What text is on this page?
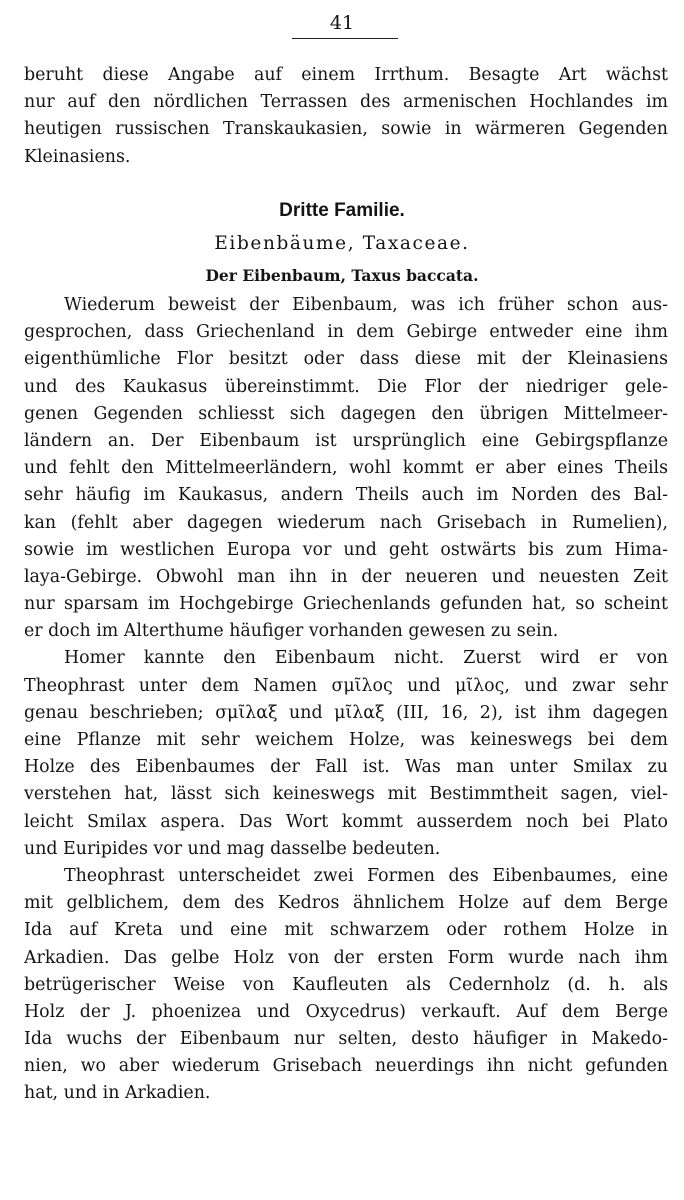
41
beruht diese Angabe auf einem Irrthum. Besagte Art wächst
nur auf den nördlichen Terrassen des armenischen Hochlandes im
heutigen russischen Transkaukasien, sowie in wärmeren Gegenden
Kleinasiens.
Dritte Familie.
Eibenbäume, Taxaceae.
Der Eibenbaum, Taxus baccata.
Wiederum beweist der Eibenbaum, was ich früher schon aus-
gesprochen, dass Griechenland in dem Gebirge entweder eine ihm
eigenthümliche Flor besitzt oder dass diese mit der Kleinasiens
und des Kaukasus übereinstimmt. Die Flor der niedriger gele-
genen Gegenden schliesst sich dagegen den übrigen Mittelmeer-
ländern an. Der Eibenbaum ist ursprünglich eine Gebirgspflanze
und fehlt den Mittelmeerländern, wohl kommt er aber eines Theils
sehr häufig im Kaukasus, andern Theils auch im Norden des Bal-
kan (fehlt aber dagegen wiederum nach Grisebach in Rumelien),
sowie im westlichen Europa vor und geht ostwärts bis zum Hima-
laya-Gebirge. Obwohl man ihn in der neueren und neuesten Zeit
nur sparsam im Hochgebirge Griechenlands gefunden hat, so scheint
er doch im Alterthume häufiger vorhanden gewesen zu sein.
Homer kannte den Eibenbaum nicht. Zuerst wird er von
Theophrast unter dem Namen σμῖλος und μῖλος, und zwar sehr
genau beschrieben; σμῖλαξ und μῖλαξ (III, 16, 2), ist ihm dagegen
eine Pflanze mit sehr weichem Holze, was keineswegs bei dem
Holze des Eibenbaumes der Fall ist. Was man unter Smilax zu
verstehen hat, lässt sich keineswegs mit Bestimmtheit sagen, viel-
leicht Smilax aspera. Das Wort kommt ausserdem noch bei Plato
und Euripides vor und mag dasselbe bedeuten.
Theophrast unterscheidet zwei Formen des Eibenbaumes, eine
mit gelblichem, dem des Kedros ähnlichem Holze auf dem Berge
Ida auf Kreta und eine mit schwarzem oder rothem Holze in
Arkadien. Das gelbe Holz von der ersten Form wurde nach ihm
betrügerischer Weise von Kaufleuten als Cedernholz (d. h. als
Holz der J. phoenizea und Oxycedrus) verkauft. Auf dem Berge
Ida wuchs der Eibenbaum nur selten, desto häufiger in Makedo-
nien, wo aber wiederum Grisebach neuerdings ihn nicht gefunden
hat, und in Arkadien.
